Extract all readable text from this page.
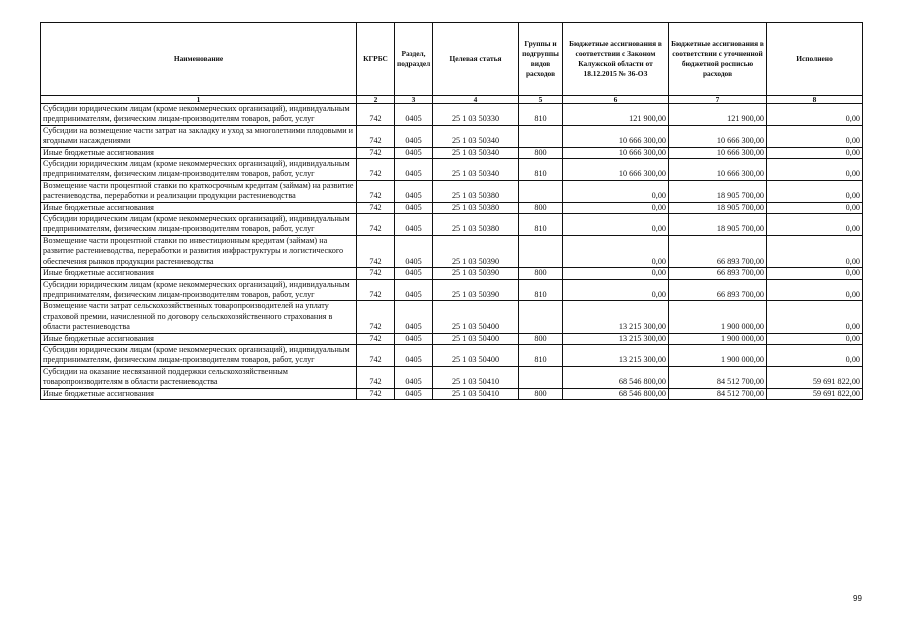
Наименование	КГРБС	Раздел, подраздел	Целевая статья	Группы и подгруппы видов расходов	Бюджетные ассигнования в соответствии с Законом Калужской области от 18.12.2015 № 36-ОЗ	Бюджетные ассигнования в соответствии с уточненной бюджетной росписью расходов	Исполнено
1	2	3	4	5	6	7	8
Субсидии юридическим лицам (кроме некоммерческих организаций), индивидуальным предпринимателям, физическим лицам-производителям товаров, работ, услуг	742	0405	25 1 03 50330	810	121 900,00	121 900,00	0,00
Субсидии на возмещение части затрат на закладку и уход за многолетними плодовыми и ягодными насаждениями	742	0405	25 1 03 50340		10 666 300,00	10 666 300,00	0,00
Иные бюджетные ассигнования	742	0405	25 1 03 50340	800	10 666 300,00	10 666 300,00	0,00
Субсидии юридическим лицам (кроме некоммерческих организаций), индивидуальным предпринимателям, физическим лицам-производителям товаров, работ, услуг	742	0405	25 1 03 50340	810	10 666 300,00	10 666 300,00	0,00
Возмещение части процентной ставки по краткосрочным кредитам (займам) на развитие растениеводства, переработки и реализации продукции растениеводства	742	0405	25 1 03 50380		0,00	18 905 700,00	0,00
Иные бюджетные ассигнования	742	0405	25 1 03 50380	800	0,00	18 905 700,00	0,00
Субсидии юридическим лицам (кроме некоммерческих организаций), индивидуальным предпринимателям, физическим лицам-производителям товаров, работ, услуг	742	0405	25 1 03 50380	810	0,00	18 905 700,00	0,00
Возмещение части процентной ставки по инвестиционным кредитам (займам) на развитие растениеводства, переработки и развития инфраструктуры и логистического обеспечения рынков продукции растениеводства	742	0405	25 1 03 50390		0,00	66 893 700,00	0,00
Иные бюджетные ассигнования	742	0405	25 1 03 50390	800	0,00	66 893 700,00	0,00
Субсидии юридическим лицам (кроме некоммерческих организаций), индивидуальным предпринимателям, физическим лицам-производителям товаров, работ, услуг	742	0405	25 1 03 50390	810	0,00	66 893 700,00	0,00
Возмещение части затрат сельскохозяйственных товаропроизводителей на уплату страховой премии, начисленной по договору сельскохозяйственного страхования в области растениеводства	742	0405	25 1 03 50400		13 215 300,00	1 900 000,00	0,00
Иные бюджетные ассигнования	742	0405	25 1 03 50400	800	13 215 300,00	1 900 000,00	0,00
Субсидии юридическим лицам (кроме некоммерческих организаций), индивидуальным предпринимателям, физическим лицам-производителям товаров, работ, услуг	742	0405	25 1 03 50400	810	13 215 300,00	1 900 000,00	0,00
Субсидии на оказание несвязанной поддержки сельскохозяйственным товаропроизводителям в области растениеводства	742	0405	25 1 03 50410		68 546 800,00	84 512 700,00	59 691 822,00
Иные бюджетные ассигнования	742	0405	25 1 03 50410	800	68 546 800,00	84 512 700,00	59 691 822,00
99
